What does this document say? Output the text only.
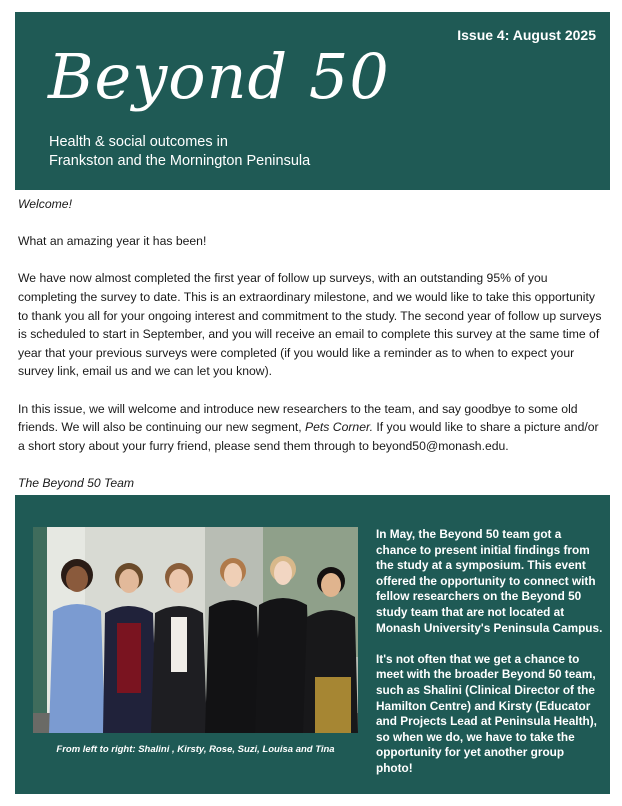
Issue 4: August 2025
Beyond 50
Health & social outcomes in
Frankston and the Mornington Peninsula

Welcome!

What an amazing year it has been!

We have now almost completed the first year of follow up surveys, with an outstanding 95% of you completing the survey to date. This is an extraordinary milestone, and we would like to take this opportunity to thank you all for your ongoing interest and commitment to the study. The second year of follow up surveys is scheduled to start in September, and you will receive an email to complete this survey at the same time of year that your previous surveys were completed (if you would like a reminder as to when to expect your survey link, email us and we can let you know).

In this issue, we will welcome and introduce new researchers to the team, and say goodbye to some old friends. We will also be continuing our new segment, Pets Corner. If you would like to share a picture and/or a short story about your furry friend, please send them through to beyond50@monash.edu.

The Beyond 50 Team

From left to right: Shalini , Kirsty, Rose, Suzi, Louisa and Tina

In May, the Beyond 50 team got a chance to present initial findings from the study at a symposium. This event offered the opportunity to connect with fellow researchers on the Beyond 50 study team that are not located at Monash University's Peninsula Campus.

It's not often that we get a chance to meet with the broader Beyond 50 team, such as Shalini (Clinical Director of the Hamilton Centre) and Kirsty (Educator and Projects Lead at Peninsula Health), so when we do, we have to take the opportunity for yet another group photo!
